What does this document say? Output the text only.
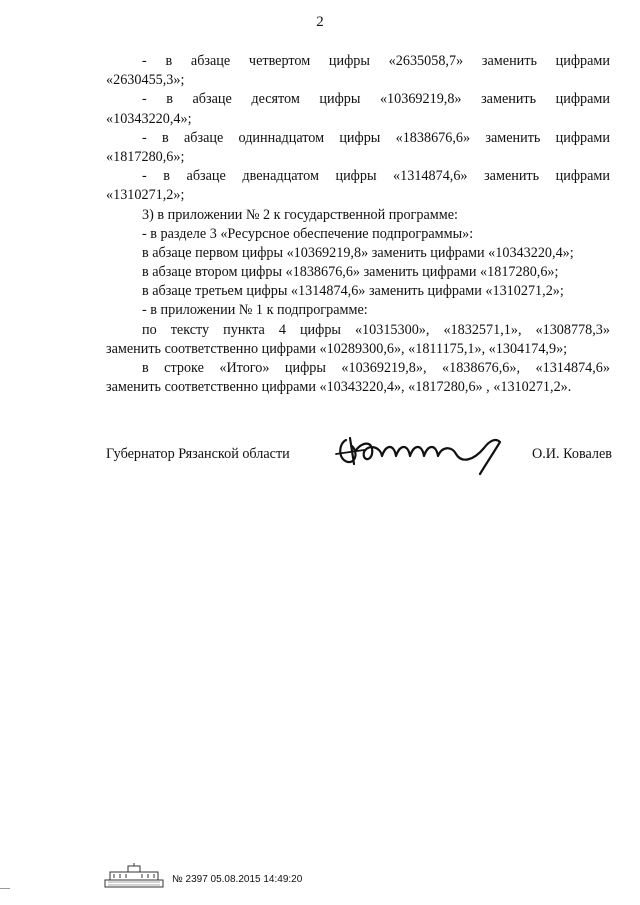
2
- в абзаце четвертом цифры «2635058,7» заменить цифрами
«2630455,3»;
- в абзаце десятом цифры «10369219,8» заменить цифрами
«10343220,4»;
- в абзаце одиннадцатом цифры «1838676,6» заменить цифрами
«1817280,6»;
- в абзаце двенадцатом цифры «1314874,6» заменить цифрами
«1310271,2»;
3) в приложении № 2 к государственной программе:
- в разделе 3 «Ресурсное обеспечение подпрограммы»:
в абзаце первом цифры «10369219,8» заменить цифрами «10343220,4»;
в абзаце втором цифры «1838676,6» заменить цифрами «1817280,6»;
в абзаце третьем цифры «1314874,6» заменить цифрами «1310271,2»;
- в приложении № 1 к подпрограмме:
по тексту пункта 4 цифры «10315300», «1832571,1», «1308778,3»
заменить соответственно цифрами «10289300,6», «1811175,1», «1304174,9»;
в строке «Итого» цифры «10369219,8», «1838676,6», «1314874,6»
заменить соответственно цифрами «10343220,4», «1817280,6» , «1310271,2».
Губернатор Рязанской области	О.И. Ковалев
№ 2397 05.08.2015 14:49:20
